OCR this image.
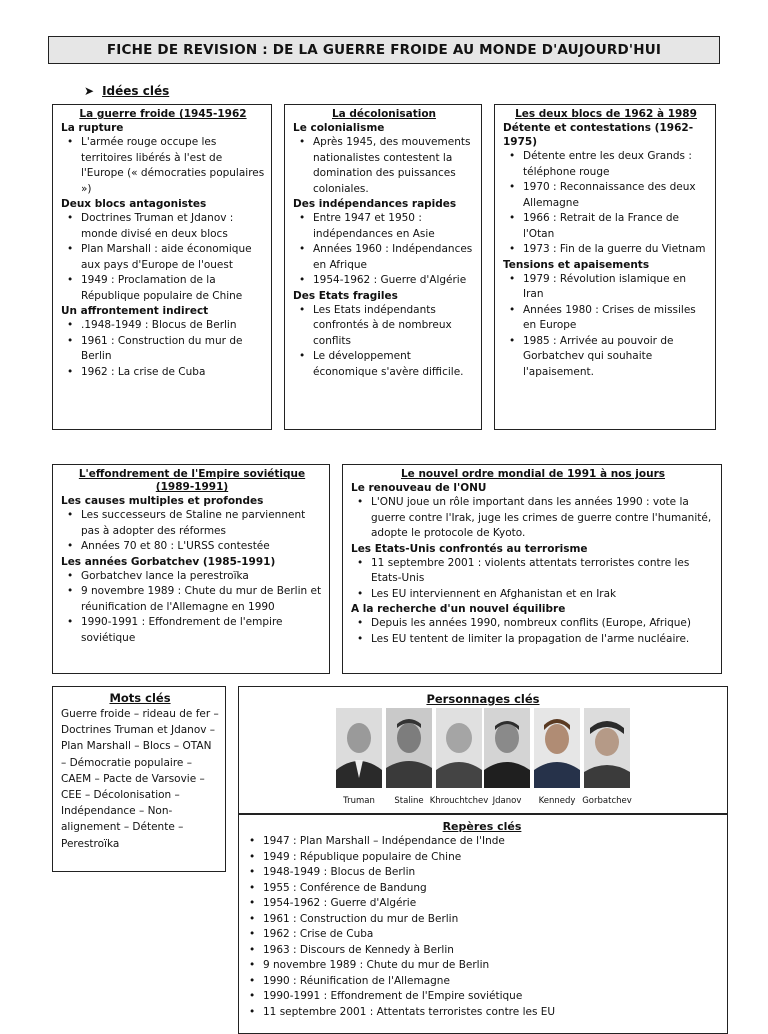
FICHE DE REVISION : DE LA GUERRE FROIDE AU MONDE D'AUJOURD'HUI
➤ Idées clés
La guerre froide (1945-1962
La rupture
• L'armée rouge occupe les territoires libérés à l'est de l'Europe (« démocraties populaires »)
Deux blocs antagonistes
• Doctrines Truman et Jdanov : monde divisé en deux blocs
• Plan Marshall : aide économique aux pays d'Europe de l'ouest
• 1949 : Proclamation de la République populaire de Chine
Un affrontement indirect
• .1948-1949 : Blocus de Berlin
• 1961 : Construction du mur de Berlin
• 1962 : La crise de Cuba
La décolonisation
Le colonialisme
• Après 1945, des mouvements nationalistes contestent la domination des puissances coloniales.
Des indépendances rapides
• Entre 1947 et 1950 : indépendances en Asie
• Années 1960 : Indépendances en Afrique
• 1954-1962 : Guerre d'Algérie
Des Etats fragiles
• Les Etats indépendants confrontés à de nombreux conflits
• Le développement économique s'avère difficile.
Les deux blocs de 1962 à 1989
Détente et contestations (1962-1975)
• Détente entre les deux Grands : téléphone rouge
• 1970 : Reconnaissance des deux Allemagne
• 1966 : Retrait de la France de l'Otan
• 1973 : Fin de la guerre du Vietnam
Tensions et apaisements
• 1979 : Révolution islamique en Iran
• Années 1980 : Crises de missiles en Europe
• 1985 : Arrivée au pouvoir de Gorbatchev qui souhaite l'apaisement.
L'effondrement de l'Empire soviétique (1989-1991)
Les causes multiples et profondes
• Les successeurs de Staline ne parviennent pas à adopter des réformes
• Années 70 et 80 : L'URSS contestée
Les années Gorbatchev (1985-1991)
• Gorbatchev lance la perestroïka
• 9 novembre 1989 : Chute du mur de Berlin et réunification de l'Allemagne en 1990
• 1990-1991 : Effondrement de l'empire soviétique
Le nouvel ordre mondial de 1991 à nos jours
Le renouveau de l'ONU
• L'ONU joue un rôle important dans les années 1990 : vote la guerre contre l'Irak, juge les crimes de guerre contre l'humanité, adopte le protocole de Kyoto.
Les Etats-Unis confrontés au terrorisme
• 11 septembre 2001 : violents attentats terroristes contre les Etats-Unis
• Les EU interviennent en Afghanistan et en Irak
A la recherche d'un nouvel équilibre
• Depuis les années 1990, nombreux conflits (Europe, Afrique)
• Les EU tentent de limiter la propagation de l'arme nucléaire.
Mots clés
Guerre froide – rideau de fer – Doctrines Truman et Jdanov – Plan Marshall – Blocs – OTAN – Démocratie populaire – CAEM – Pacte de Varsovie – CEE – Décolonisation – Indépendance – Non-alignement – Détente – Perestroïka
Personnages clés
Truman	Staline Khrouchtchev Jdanov	Kennedy Gorbatchev
Repères clés
• 1947 : Plan Marshall – Indépendance de l'Inde
• 1949 : République populaire de Chine
• 1948-1949 : Blocus de Berlin
• 1955 : Conférence de Bandung
• 1954-1962 : Guerre d'Algérie
• 1961 : Construction du mur de Berlin
• 1962 : Crise de Cuba
• 1963 : Discours de Kennedy à Berlin
• 9 novembre 1989 : Chute du mur de Berlin
• 1990 : Réunification de l'Allemagne
• 1990-1991 : Effondrement de l'Empire soviétique
• 11 septembre 2001 : Attentats terroristes contre les EU
